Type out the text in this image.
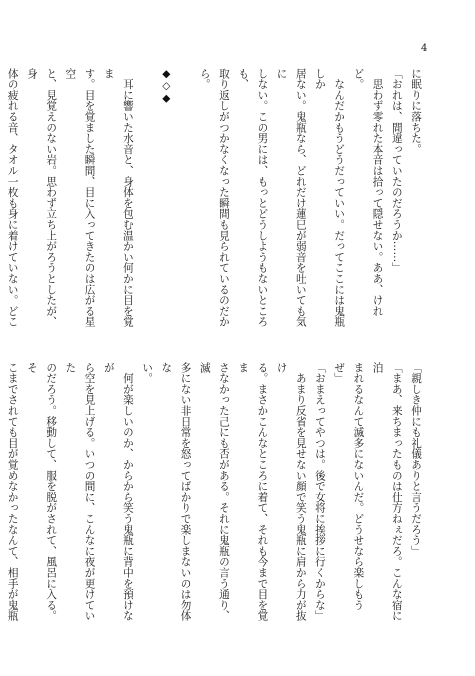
4

に眠りに落ちた。

「おれは、間違っていたのだろうか……」

　思わず零れた本音は拾って隠せない。ああ、けれど。

　なんだかもうどうだっていい。だってここには鬼瓶しか

居ない。鬼瓶なら、どれだけ蓮巳が弱音を吐いても気に

しない。この男には、もっとどうしようもないところも、

取り返しがつかなくなった瞬間も見られているのだから。

◆◇◆

　耳に響いた水音と、身体を包む温かい何かに目を覚ま

す。目を覚ました瞬間、目に入ってきたのは広がる星空

と、見覚えのない岩。思わず立ち上がろうとしたが、身

体の疲れる音、タオル一枚も身に着けていない。どこ

「親しき仲にも礼儀ありと言うだろう」

「まあ、来ちまったものは仕方ねぇだろ。こんな宿に泊

まれるなんて滅多にないんだ。どうせなら楽しもうぜ」

「おまえってやつは。後で女将に挨拶に行くからな」

　あまり反省を見せない顔で笑う鬼瓶に肩から力が抜け

る。まさかこんなところに着て、それも今まで目を覚ま

さなかった己にも否がある。それに鬼瓶の言う通り、滅

多にない非日常を怒ってばかりで楽しまないのは勿体な

い。

　何が楽しいのか、からから笑う鬼瓶に背中を預けなが

ら空を見上げる。いつの間に、こんなに夜が更けていた

のだろう。移動して、服を脱がされて、風呂に入る。そ

こまでされても目が覚めなかったなんて、相手が鬼瓶
